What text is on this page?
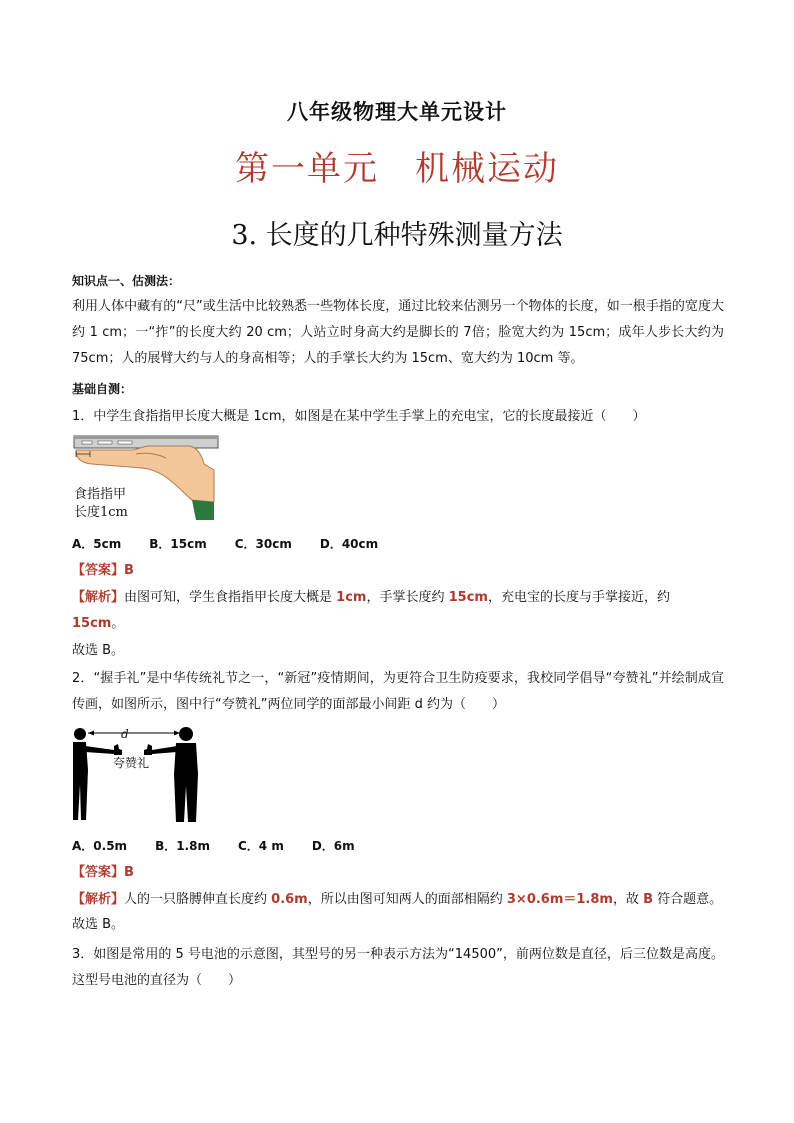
八年级物理大单元设计
第一单元　机械运动
3. 长度的几种特殊测量方法
知识点一、估测法：
利用人体中藏有的“尺”或生活中比较熟悉一些物体长度，通过比较来估测另一个物体的长度，如一根手指的宽度大约 1 cm；一“拃”的长度大约 20 cm；人站立时身高大约是脚长的 7倍；脸宽大约为 15cm；成年人步长大约为 75cm；人的展臂大约与人的身高相等；人的手掌长大约为 15cm、宽大约为 10cm 等。
基础自测：
1．中学生食指指甲长度大概是 1cm，如图是在某中学生手掌上的充电宝，它的长度最接近（　　）
食指指甲
长度1cm
A．5cm B．15cm C．30cm D．40cm
【答案】B
【解析】由图可知，学生食指指甲长度大概是 1cm，手掌长度约 15cm，充电宝的长度与手掌接近，约
15cm。
故选 B。
2．“握手礼”是中华传统礼节之一，“新冠”疫情期间，为更符合卫生防疫要求，我校同学倡导“夸赞礼”并绘制成宣传画，如图所示，图中行“夸赞礼”两位同学的面部最小间距 d 约为（　　）
d
夸赞礼
A．0.5m B．1.8m C．4 m D．6m
【答案】B
【解析】人的一只胳膊伸直长度约 0.6m，所以由图可知两人的面部相隔约 3×0.6m＝1.8m，故 B 符合题意。
故选 B。
3．如图是常用的 5 号电池的示意图，其型号的另一种表示方法为“14500”，前两位数是直径，后三位数是高度。这型号电池的直径为（　　）
